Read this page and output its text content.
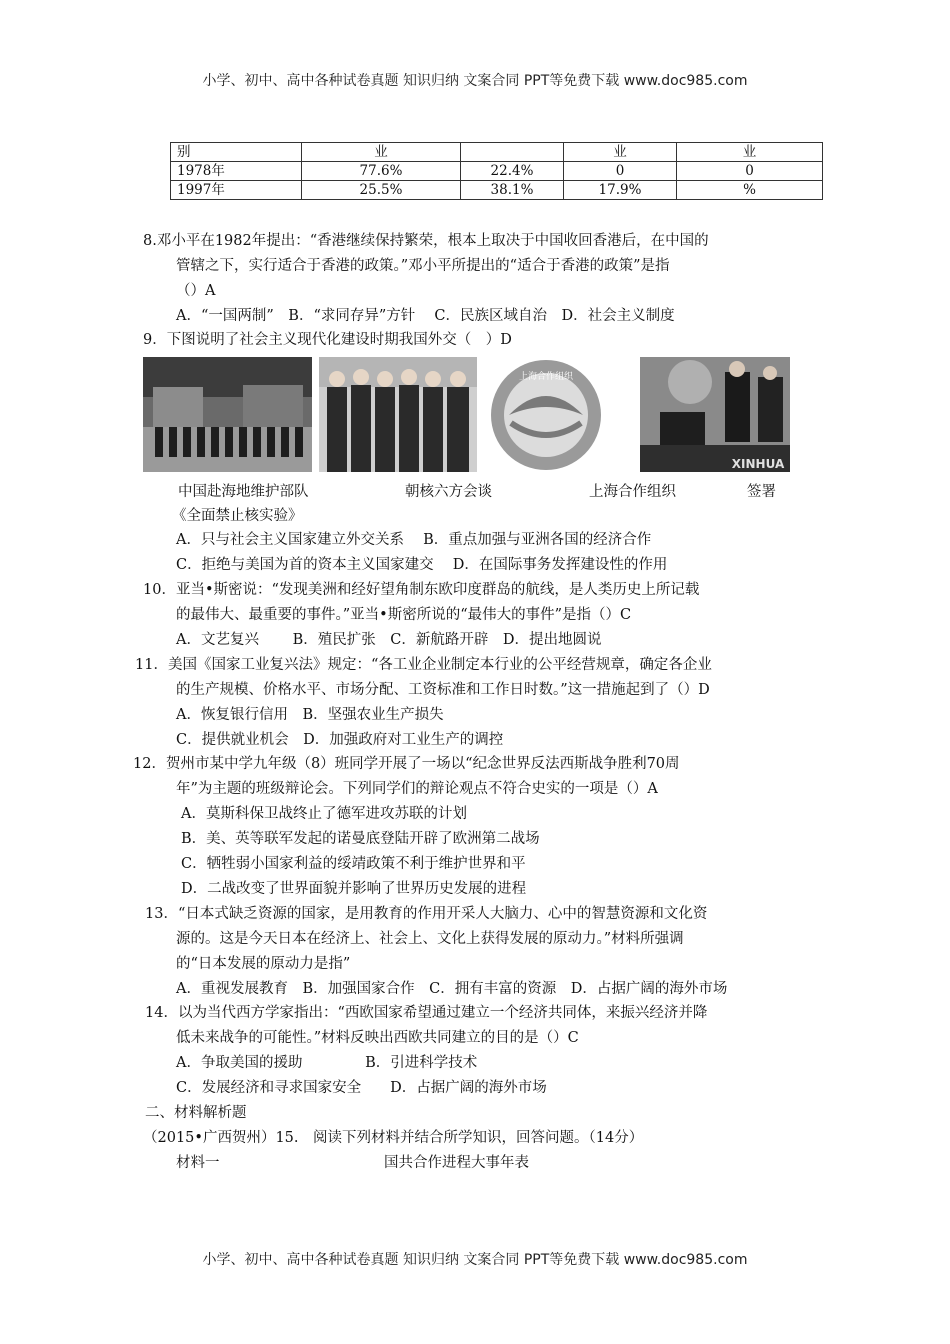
小学、初中、高中各种试卷真题 知识归纳 文案合同 PPT等免费下载 www.doc985.com
别	业		业	业
1978年	77.6%	22.4%	0	0
1997年	25.5%	38.1%	17.9%	%
8.邓小平在1982年提出：“香港继续保持繁荣，根本上取决于中国收回香港后，在中国的
管辖之下，实行适合于香港的政策。”邓小平所提出的“适合于香港的政策”是指
（）A
A．“一国两制”　B．“求同存异”方针　 C．民族区域自治　D．社会主义制度
9．下图说明了社会主义现代化建设时期我国外交（　）D
上海合作组织
XINHUA
中国赴海地维护部队	朝核六方会谈	上海合作组织	签署
《全面禁止核实验》
A．只与社会主义国家建立外交关系　 B．重点加强与亚洲各国的经济合作
C．拒绝与美国为首的资本主义国家建交　 D．在国际事务发挥建设性的作用
10．亚当•斯密说：“发现美洲和经好望角制东欧印度群岛的航线，是人类历史上所记载
的最伟大、最重要的事件。”亚当•斯密所说的“最伟大的事件”是指（）C
A．文艺复兴　　 B．殖民扩张　C．新航路开辟　D．提出地圆说
11．美国《国家工业复兴法》规定：“各工业企业制定本行业的公平经营规章，确定各企业
的生产规模、价格水平、市场分配、工资标准和工作日时数。”这一措施起到了（）D
A．恢复银行信用　B．坚强农业生产损失
C．提供就业机会　D．加强政府对工业生产的调控
12．贺州市某中学九年级（8）班同学开展了一场以“纪念世界反法西斯战争胜利70周
年”为主题的班级辩论会。下列同学们的辩论观点不符合史实的一项是（）A
A．莫斯科保卫战终止了德军进攻苏联的计划
B．美、英等联军发起的诺曼底登陆开辟了欧洲第二战场
C．牺牲弱小国家利益的绥靖政策不利于维护世界和平
D．二战改变了世界面貌并影响了世界历史发展的进程
13．“日本式缺乏资源的国家，是用教育的作用开采人大脑力、心中的智慧资源和文化资
源的。这是今天日本在经济上、社会上、文化上获得发展的原动力。”材料所强调
的“日本发展的原动力是指”
A．重视发展教育　B．加强国家合作　C．拥有丰富的资源　D．占据广阔的海外市场
14．以为当代西方学家指出：“西欧国家希望通过建立一个经济共同体，来振兴经济并降
低未来战争的可能性。”材料反映出西欧共同建立的目的是（）C
A．争取美国的援助　　　　 B．引进科学技术
C．发展经济和寻求国家安全　　D．占据广阔的海外市场
二、材料解析题
（2015•广西贺州）15.　阅读下列材料并结合所学知识，回答问题。（14分）
材料一	国共合作进程大事年表
小学、初中、高中各种试卷真题 知识归纳 文案合同 PPT等免费下载 www.doc985.com
